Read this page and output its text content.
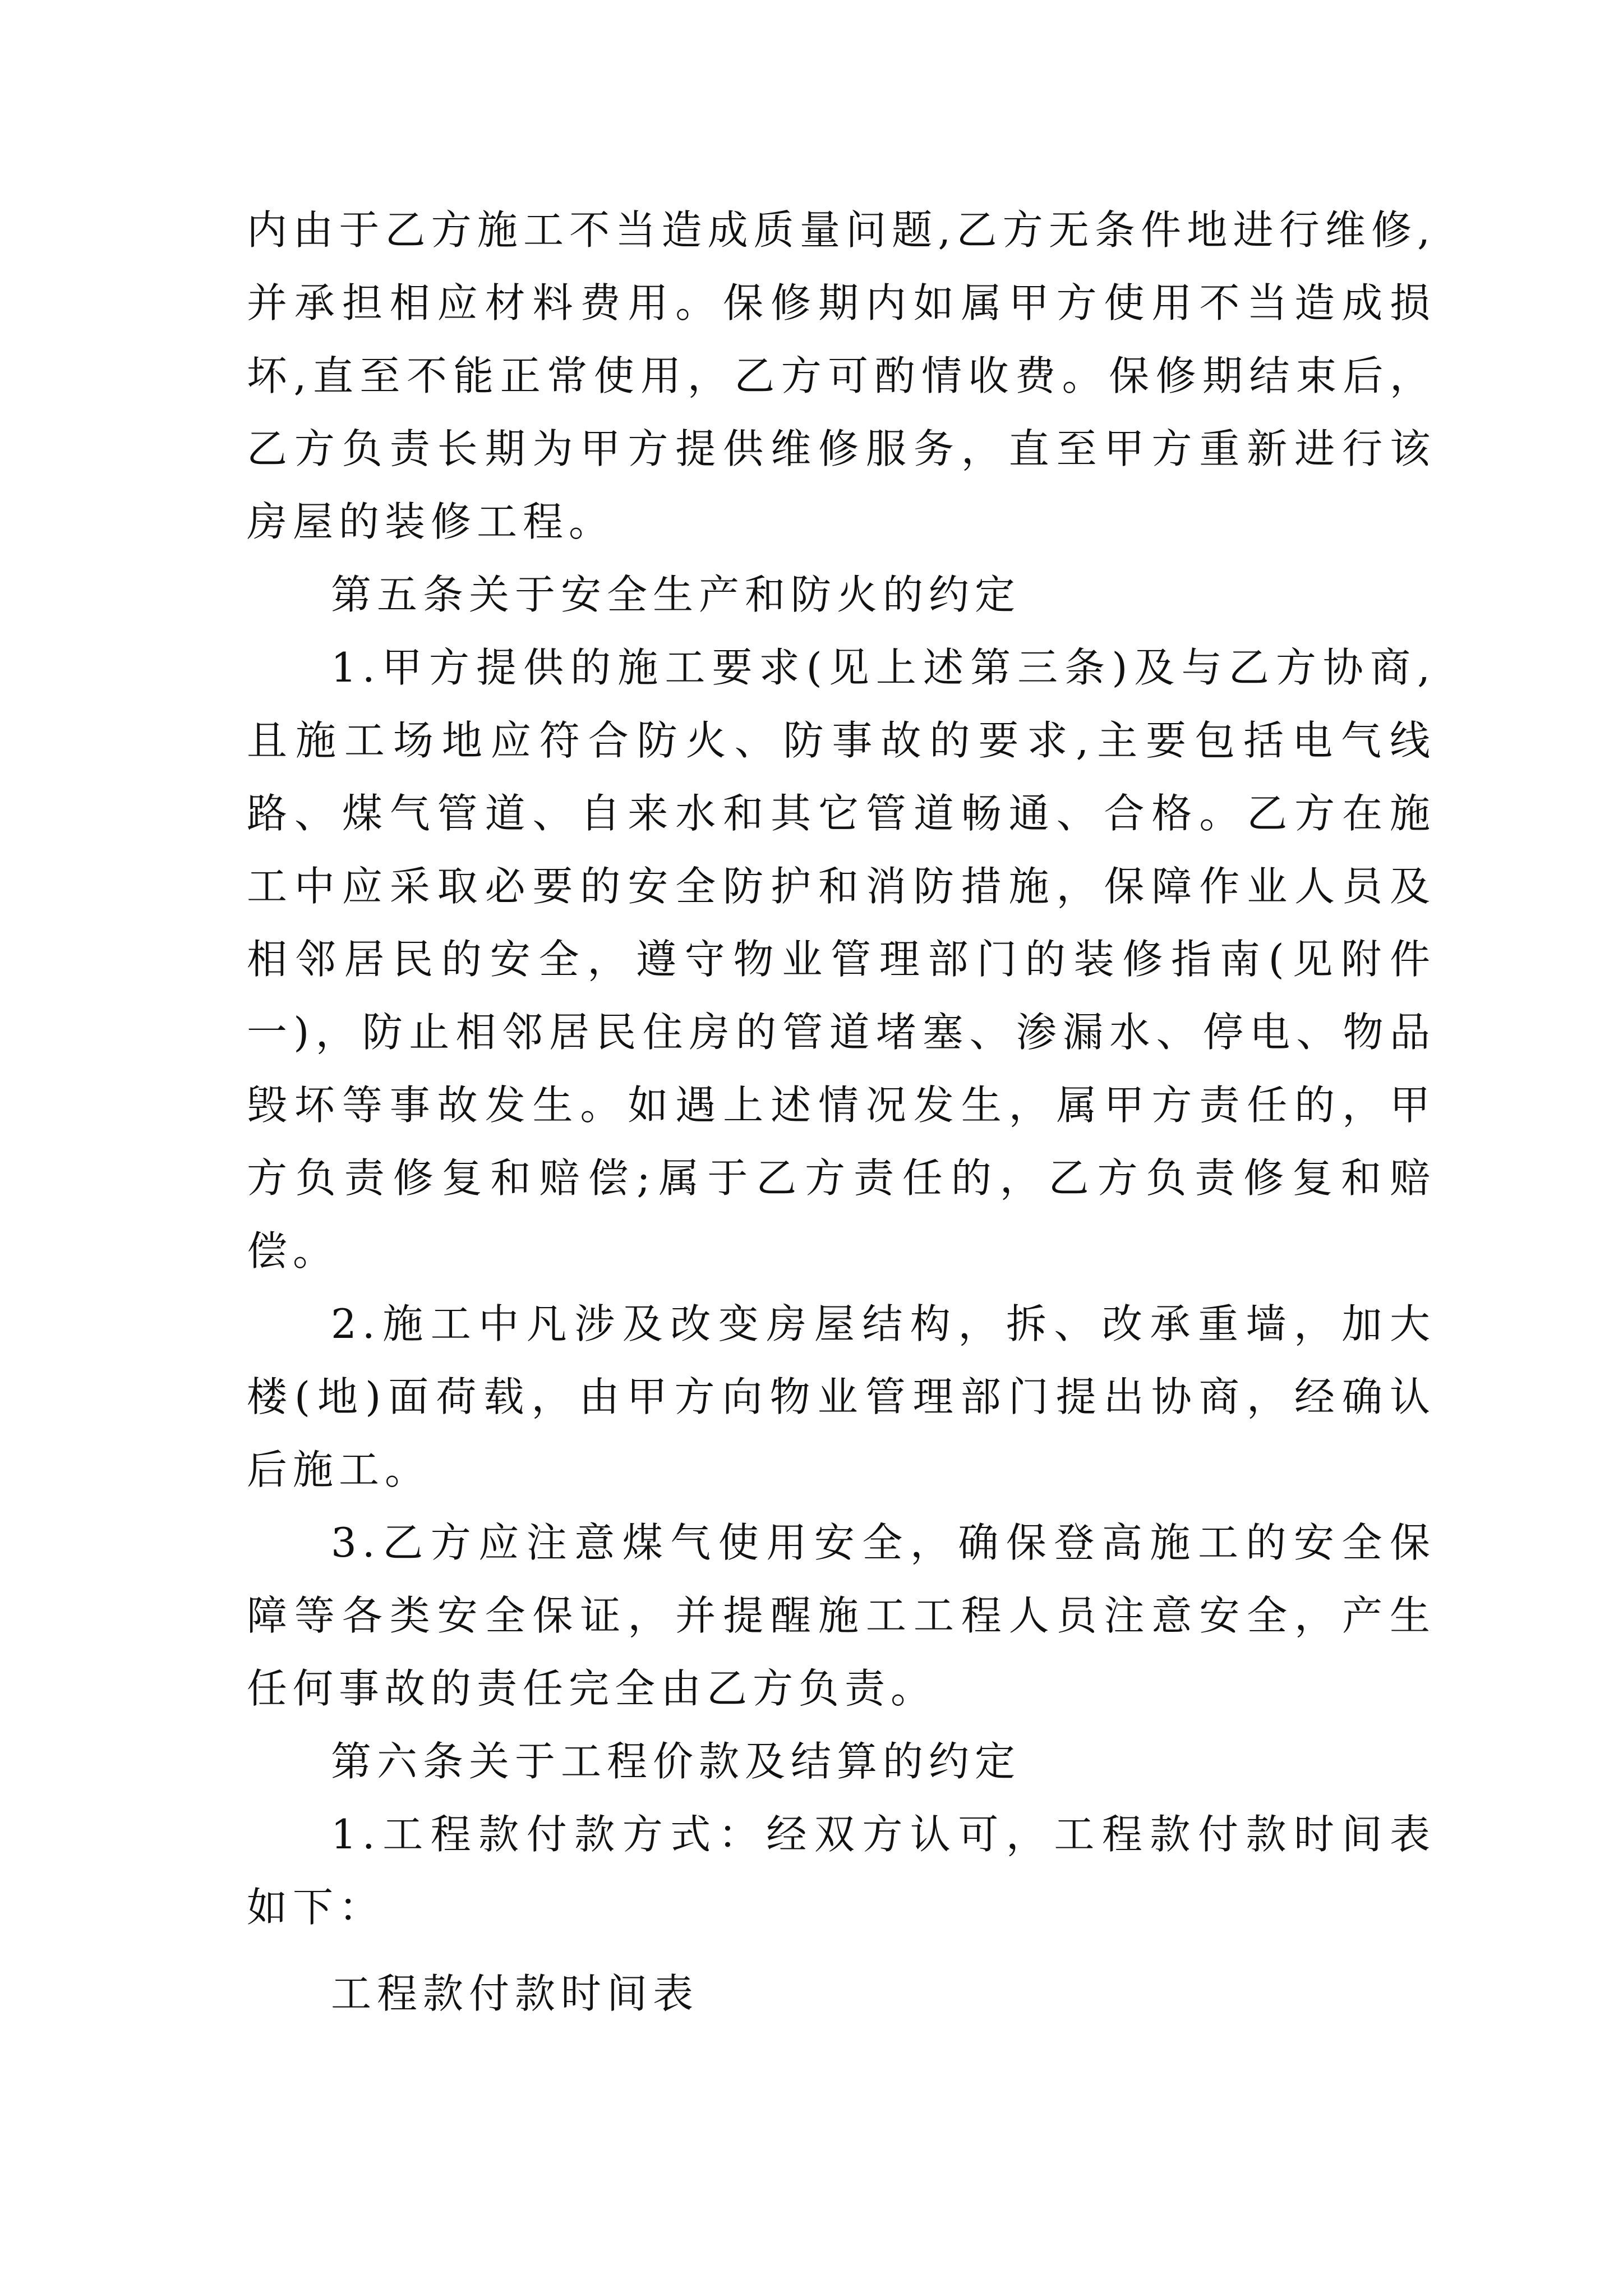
内由于乙方施工不当造成质量问题,乙方无条件地进行维修,并承担相应材料费用。保修期内如属甲方使用不当造成损坏,直至不能正常使用，乙方可酌情收费。保修期结束后，乙方负责长期为甲方提供维修服务，直至甲方重新进行该房屋的装修工程。

第五条关于安全生产和防火的约定

1.甲方提供的施工要求(见上述第三条)及与乙方协商,且施工场地应符合防火、防事故的要求,主要包括电气线路、煤气管道、自来水和其它管道畅通、合格。乙方在施工中应采取必要的安全防护和消防措施，保障作业人员及相邻居民的安全，遵守物业管理部门的装修指南(见附件一)，防止相邻居民住房的管道堵塞、渗漏水、停电、物品毁坏等事故发生。如遇上述情况发生，属甲方责任的，甲方负责修复和赔偿;属于乙方责任的，乙方负责修复和赔偿。

2.施工中凡涉及改变房屋结构，拆、改承重墙，加大楼(地)面荷载，由甲方向物业管理部门提出协商，经确认后施工。

3.乙方应注意煤气使用安全，确保登高施工的安全保障等各类安全保证，并提醒施工工程人员注意安全，产生任何事故的责任完全由乙方负责。

第六条关于工程价款及结算的约定

1.工程款付款方式：经双方认可，工程款付款时间表如下：

工程款付款时间表
